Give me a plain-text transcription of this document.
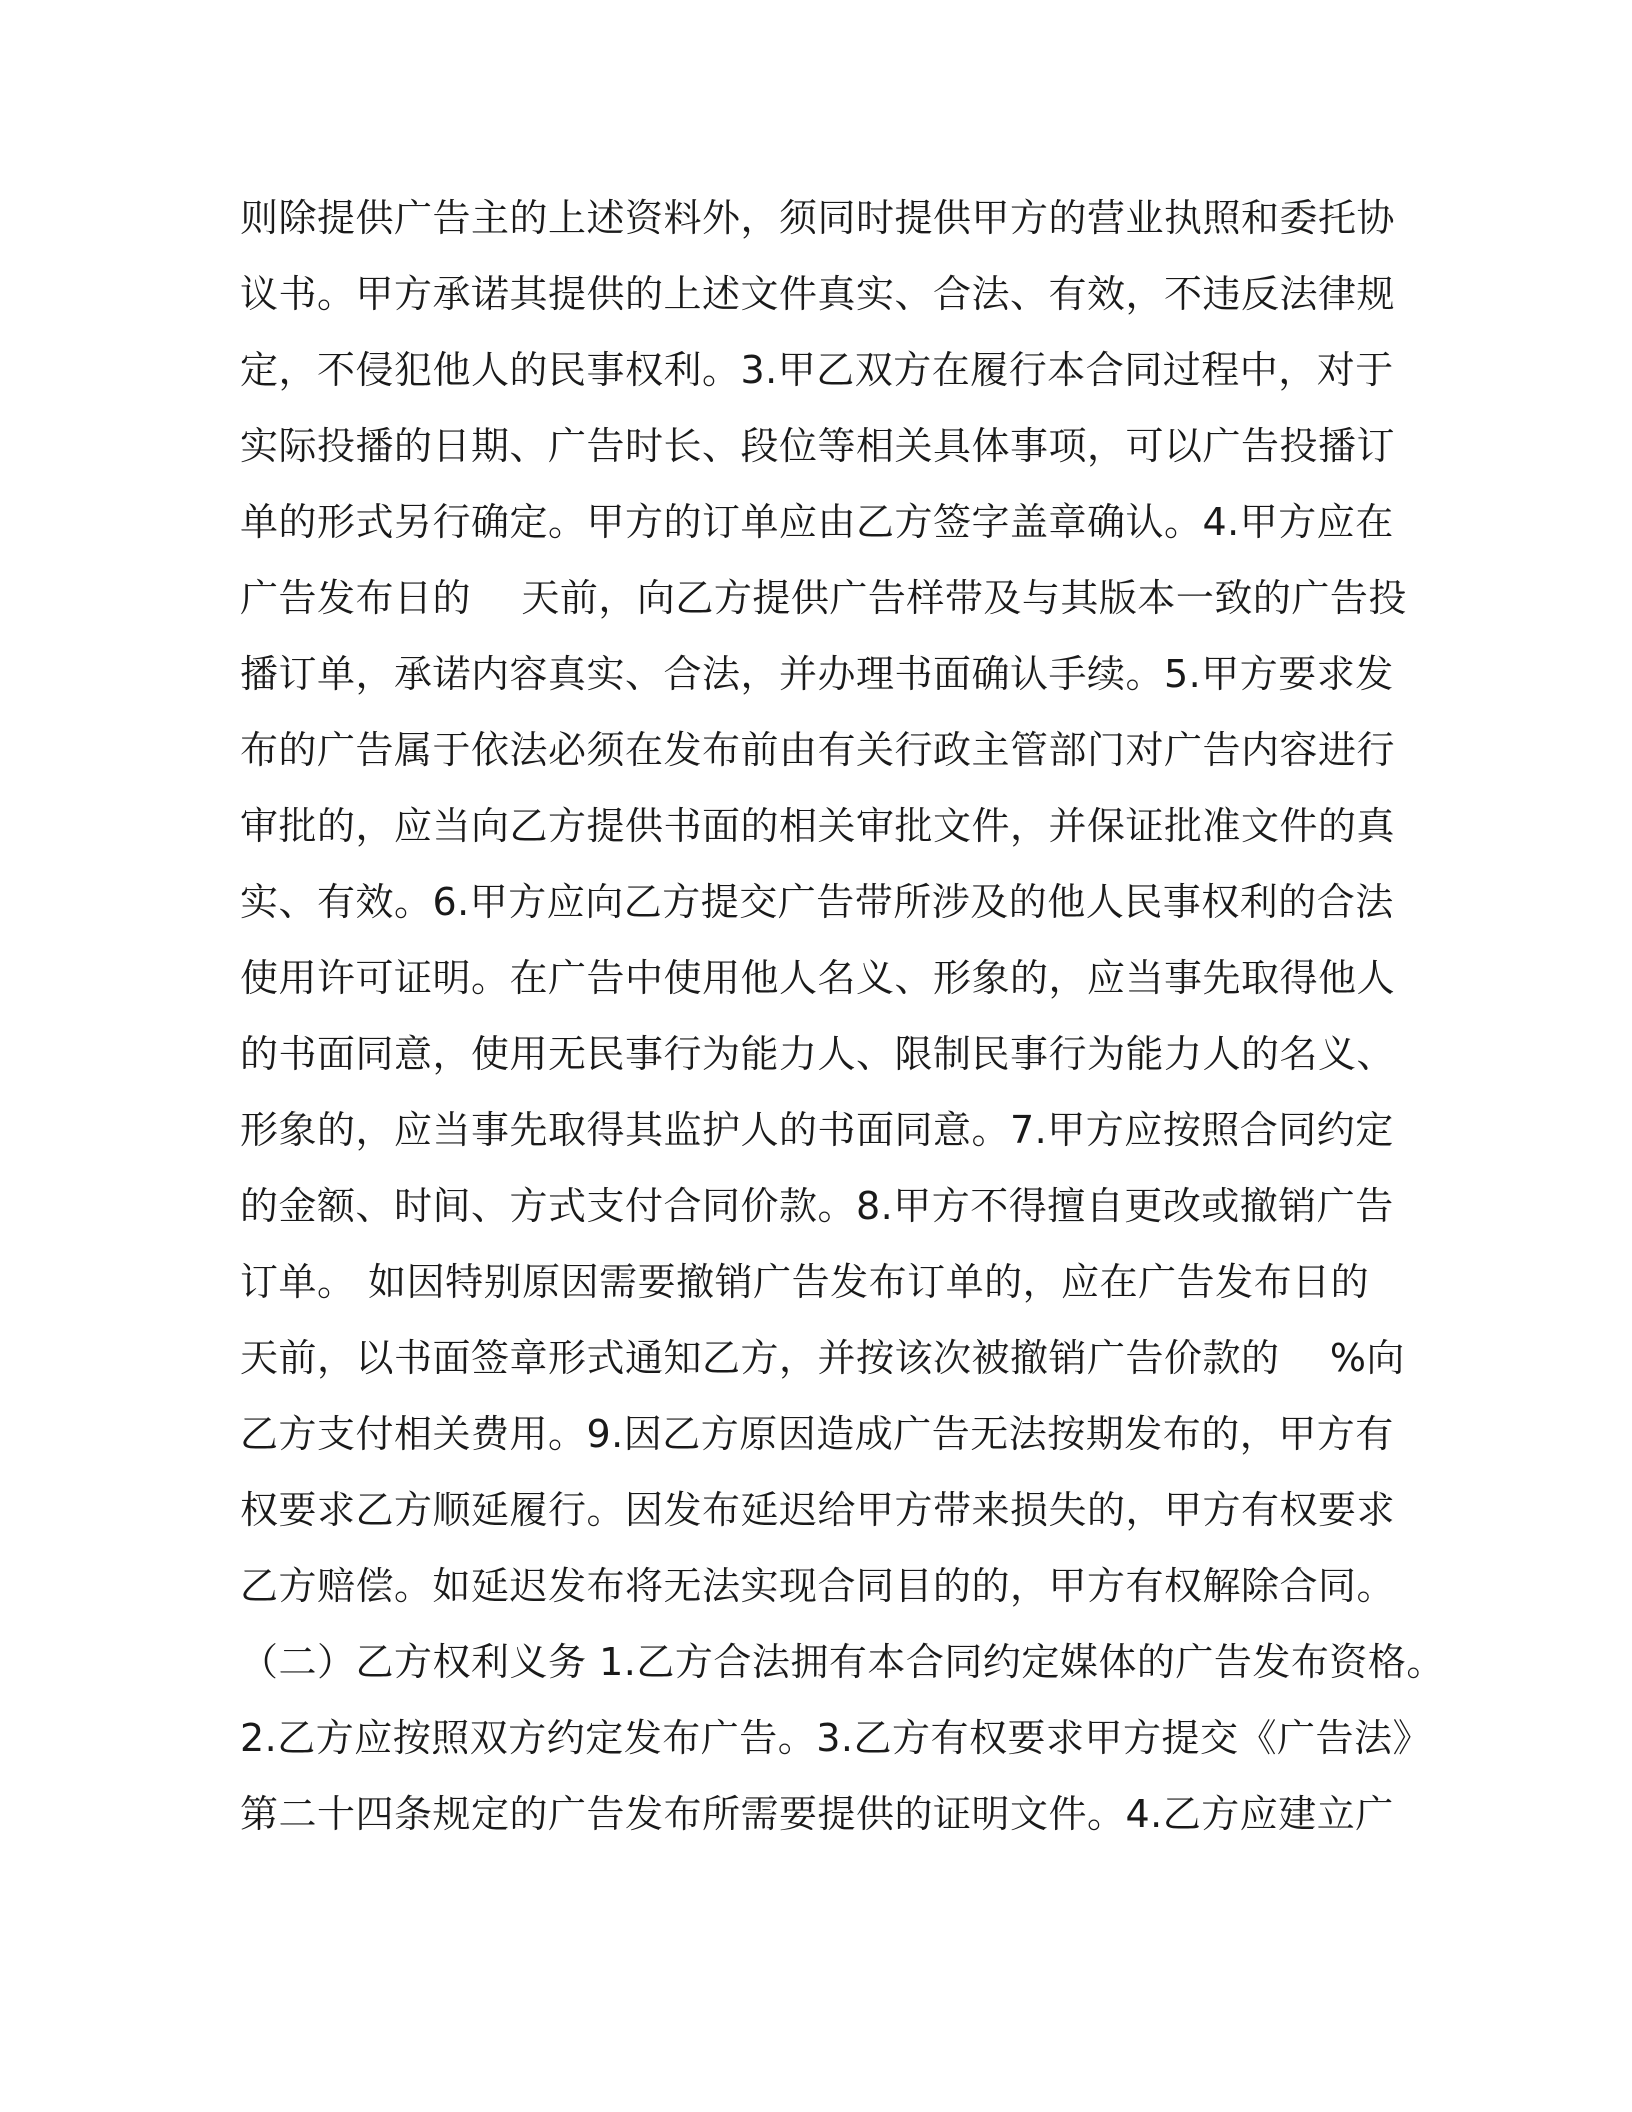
则除提供广告主的上述资料外，须同时提供甲方的营业执照和委托协
议书。甲方承诺其提供的上述文件真实、合法、有效，不违反法律规
定，不侵犯他人的民事权利。3.甲乙双方在履行本合同过程中，对于
实际投播的日期、广告时长、段位等相关具体事项，可以广告投播订
单的形式另行确定。甲方的订单应由乙方签字盖章确认。4.甲方应在
广告发布日的    天前，向乙方提供广告样带及与其版本一致的广告投
播订单，承诺内容真实、合法，并办理书面确认手续。5.甲方要求发
布的广告属于依法必须在发布前由有关行政主管部门对广告内容进行
审批的，应当向乙方提供书面的相关审批文件，并保证批准文件的真
实、有效。6.甲方应向乙方提交广告带所涉及的他人民事权利的合法
使用许可证明。在广告中使用他人名义、形象的，应当事先取得他人
的书面同意，使用无民事行为能力人、限制民事行为能力人的名义、
形象的，应当事先取得其监护人的书面同意。7.甲方应按照合同约定
的金额、时间、方式支付合同价款。8.甲方不得擅自更改或撤销广告
订单。 如因特别原因需要撤销广告发布订单的，应在广告发布日的
天前，以书面签章形式通知乙方，并按该次被撤销广告价款的    %向
乙方支付相关费用。9.因乙方原因造成广告无法按期发布的，甲方有
权要求乙方顺延履行。因发布延迟给甲方带来损失的，甲方有权要求
乙方赔偿。如延迟发布将无法实现合同目的的，甲方有权解除合同。
（二）乙方权利义务 1.乙方合法拥有本合同约定媒体的广告发布资格。
2.乙方应按照双方约定发布广告。3.乙方有权要求甲方提交《广告法》
第二十四条规定的广告发布所需要提供的证明文件。4.乙方应建立广
